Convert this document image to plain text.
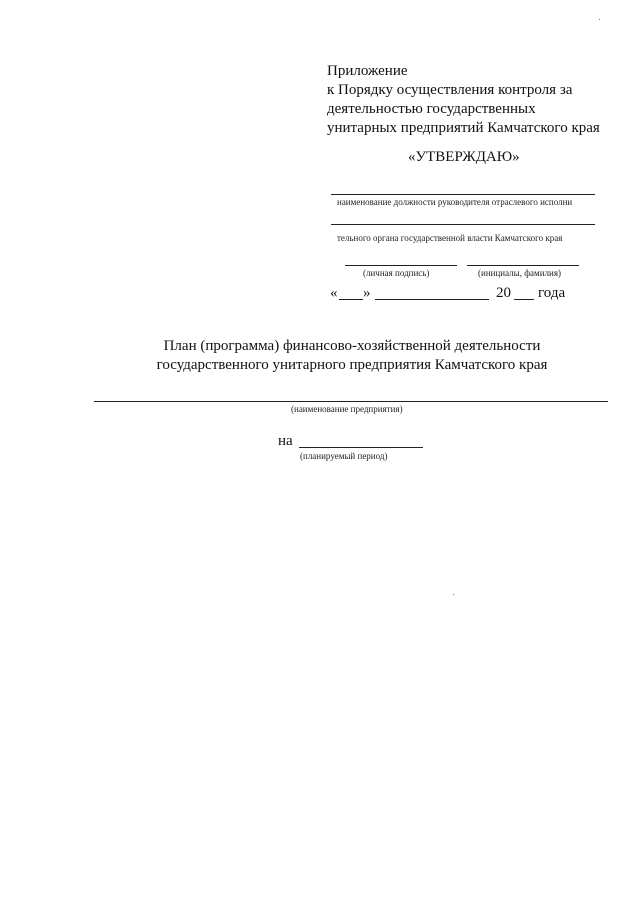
Приложение
к Порядку осуществления контроля за
деятельностью государственных
унитарных предприятий Камчатского края
«УТВЕРЖДАЮ»
наименование должности руководителя отраслевого исполни
тельного органа государственной власти Камчатского края
(личная подпись)	(инициалы, фамилия)
« »	20 года
План (программа) финансово-хозяйственной деятельности
государственного унитарного предприятия Камчатского края
(наименование предприятия)
на
(планируемый период)
